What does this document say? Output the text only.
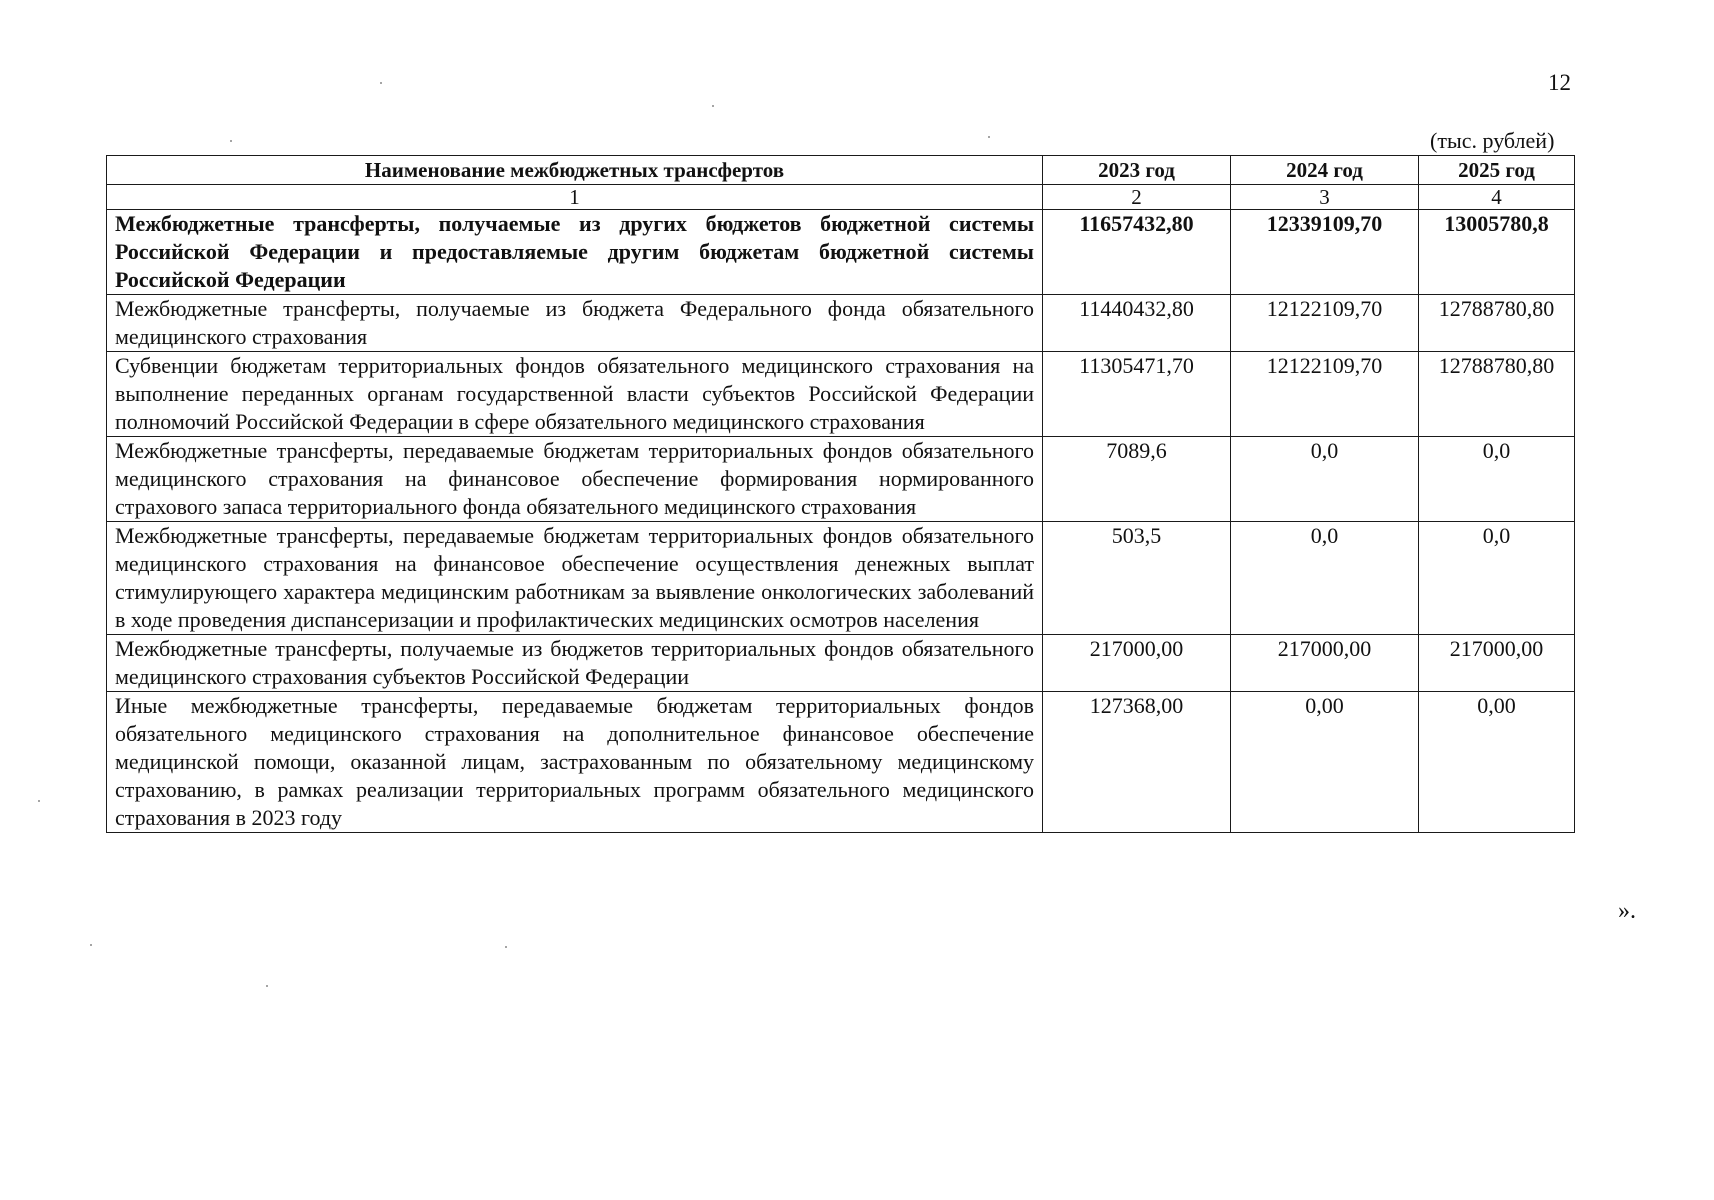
12
(тыс. рублей)
Наименование межбюджетных трансфертов	2023 год	2024 год	2025 год
1	2	3	4
Межбюджетные трансферты, получаемые из других бюджетов бюджетной системы Российской Федерации и предоставляемые другим бюджетам бюджетной системы Российской Федерации	11657432,80	12339109,70	13005780,8
Межбюджетные трансферты, получаемые из бюджета Федерального фонда обязательного медицинского страхования	11440432,80	12122109,70	12788780,80
Субвенции бюджетам территориальных фондов обязательного медицинского страхования на выполнение переданных органам государственной власти субъектов Российской Федерации полномочий Российской Федерации в сфере обязательного медицинского страхования	11305471,70	12122109,70	12788780,80
Межбюджетные трансферты, передаваемые бюджетам территориальных фондов обязательного медицинского страхования на финансовое обеспечение формирования нормированного страхового запаса территориального фонда обязательного медицинского страхования	7089,6	0,0	0,0
Межбюджетные трансферты, передаваемые бюджетам территориальных фондов обязательного медицинского страхования на финансовое обеспечение осуществления денежных выплат стимулирующего характера медицинским работникам за выявление онкологических заболеваний в ходе проведения диспансеризации и профилактических медицинских осмотров населения	503,5	0,0	0,0
Межбюджетные трансферты, получаемые из бюджетов территориальных фондов обязательного медицинского страхования субъектов Российской Федерации	217000,00	217000,00	217000,00
Иные межбюджетные трансферты, передаваемые бюджетам территориальных фондов обязательного медицинского страхования на дополнительное финансовое обеспечение медицинской помощи, оказанной лицам, застрахованным по обязательному медицинскому страхованию, в рамках реализации территориальных программ обязательного медицинского страхования в 2023 году	127368,00	0,00	0,00
».
